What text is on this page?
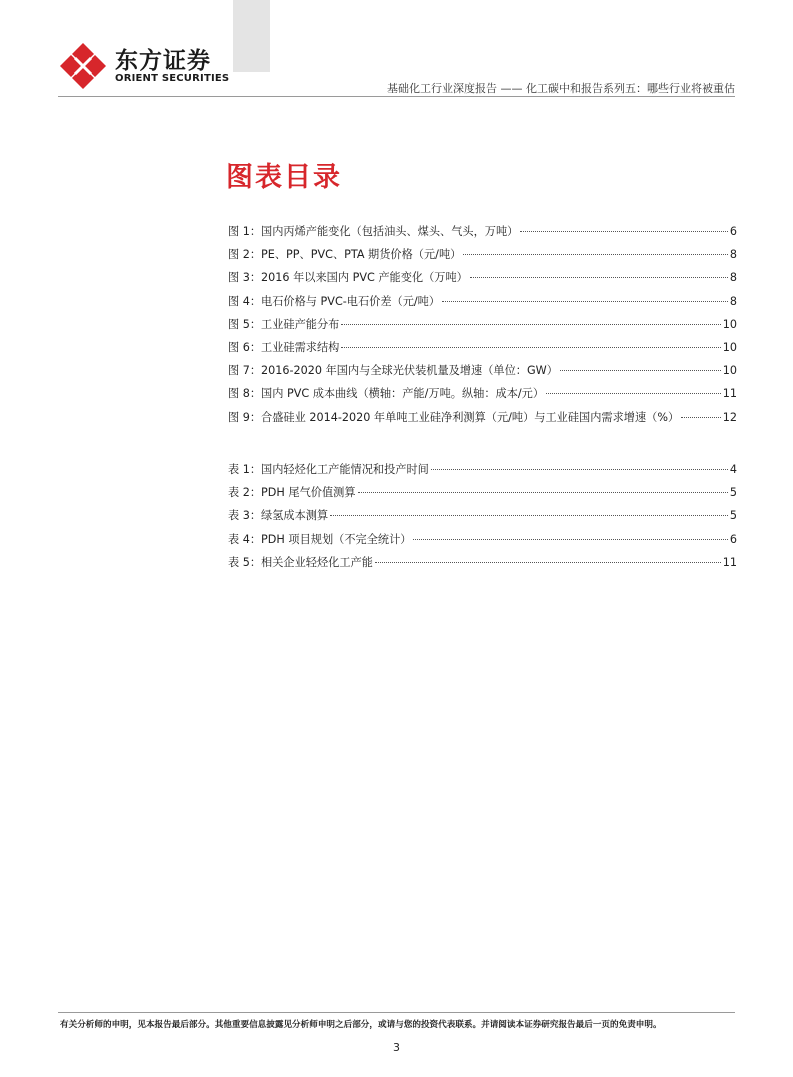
东方证券
ORIENT SECURITIES
基础化工行业深度报告 —— 化工碳中和报告系列五：哪些行业将被重估
图表目录
图 1：国内丙烯产能变化（包括油头、煤头、气头，万吨）	6
图 2：PE、PP、PVC、PTA 期货价格（元/吨）	8
图 3：2016 年以来国内 PVC 产能变化（万吨）	8
图 4：电石价格与 PVC-电石价差（元/吨）	8
图 5：工业硅产能分布	10
图 6：工业硅需求结构	10
图 7：2016-2020 年国内与全球光伏装机量及增速（单位：GW）	10
图 8：国内 PVC 成本曲线（横轴：产能/万吨。纵轴：成本/元）	11
图 9：合盛硅业 2014-2020 年单吨工业硅净利测算（元/吨）与工业硅国内需求增速（%）	12
表 1：国内轻烃化工产能情况和投产时间	4
表 2：PDH 尾气价值测算	5
表 3：绿氢成本测算	5
表 4：PDH 项目规划（不完全统计）	6
表 5：相关企业轻烃化工产能	11
有关分析师的申明，见本报告最后部分。其他重要信息披露见分析师申明之后部分，或请与您的投资代表联系。并请阅读本证券研究报告最后一页的免责申明。
3
